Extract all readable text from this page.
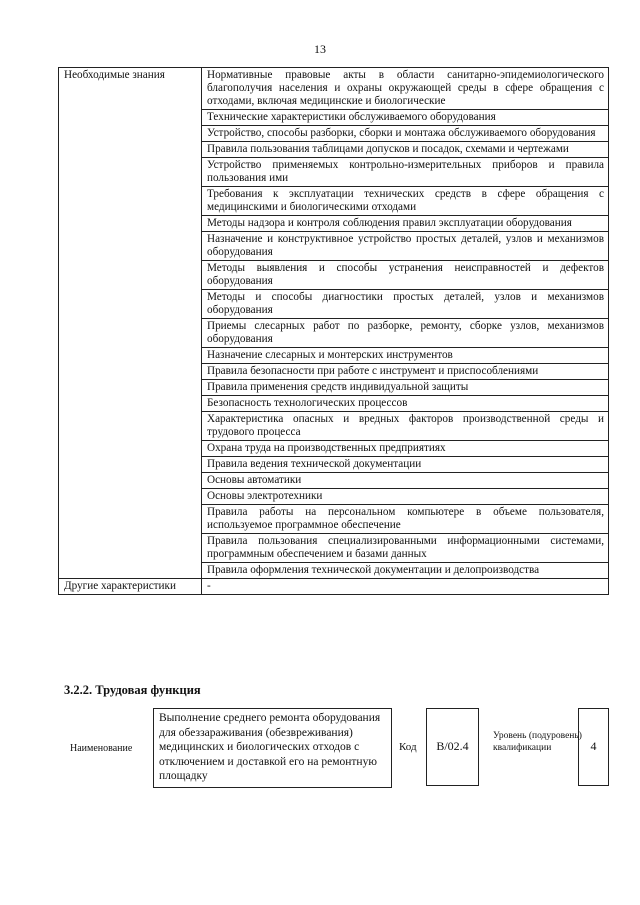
13
Необходимые знания	Нормативные правовые акты в области санитарно-эпидемиологического благополучия населения и охраны окружающей среды в сфере обращения с отходами, включая медицинские и биологические
	Технические характеристики обслуживаемого оборудования
	Устройство, способы разборки, сборки и монтажа обслуживаемого оборудования
	Правила пользования таблицами допусков и посадок, схемами и чертежами
	Устройство применяемых контрольно-измерительных приборов и правила пользования ими
	Требования к эксплуатации технических средств в сфере обращения с медицинскими и биологическими отходами
	Методы надзора и контроля соблюдения правил эксплуатации оборудования
	Назначение и конструктивное устройство простых деталей, узлов и механизмов оборудования
	Методы выявления и способы устранения неисправностей и дефектов оборудования
	Методы и способы диагностики простых деталей, узлов и механизмов оборудования
	Приемы слесарных работ по разборке, ремонту, сборке узлов, механизмов оборудования
	Назначение слесарных и монтерских инструментов
	Правила безопасности при работе с инструмент и приспособлениями
	Правила применения средств индивидуальной защиты
	Безопасность технологических процессов
	Характеристика опасных и вредных факторов производственной среды и трудового процесса
	Охрана труда на производственных предприятиях
	Правила ведения технической документации
	Основы автоматики
	Основы электротехники
	Правила работы на персональном компьютере в объеме пользователя, используемое программное обеспечение
	Правила пользования специализированными информационными системами, программным обеспечением и базами данных
	Правила оформления технической документации и делопроизводства
Другие характеристики	-
3.2.2. Трудовая функция
Наименование
Выполнение среднего ремонта оборудования для обеззараживания (обезвреживания) медицинских и биологических отходов с отключением и доставкой его на ремонтную площадку
Код	B/02.4
Уровень (подуровень) квалификации	4
